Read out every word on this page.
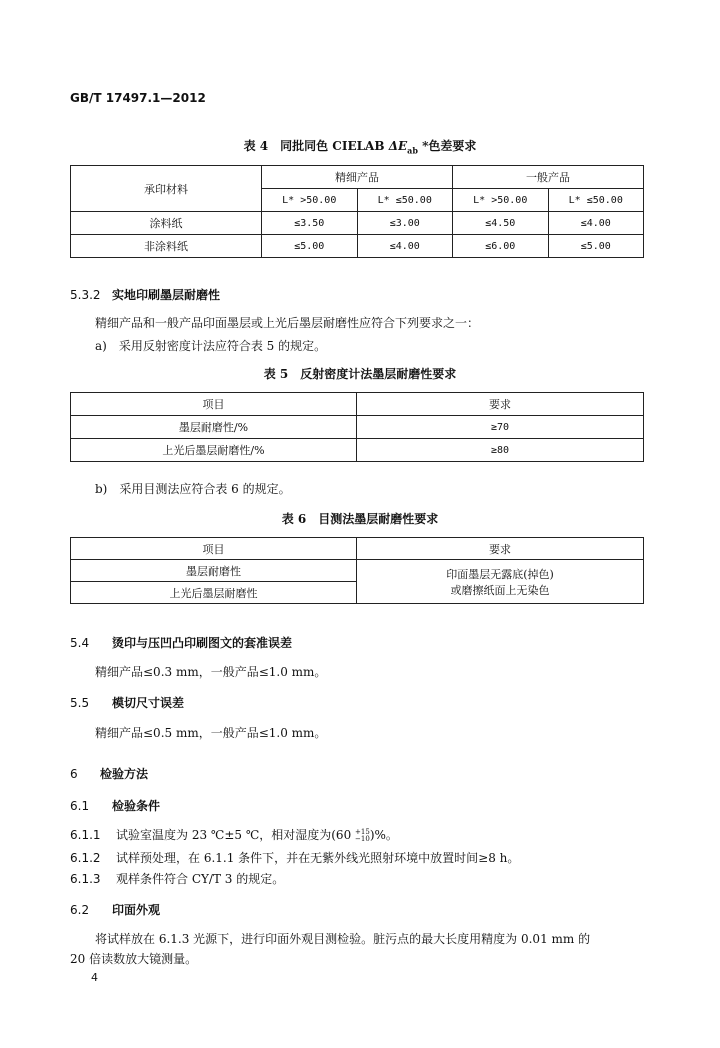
GB/T 17497.1—2012
表 4　同批同色 CIELAB $\Delta E_{ab}$ *色差要求
承印材料	精细产品		一般产品	
	L* >50.00	L* ≤50.00	L* >50.00	L* ≤50.00
涂料纸	≤3.50	≤3.00	≤4.50	≤4.00
非涂料纸	≤5.00	≤4.00	≤6.00	≤5.00
5.3.2 实地印刷墨层耐磨性
精细产品和一般产品印面墨层或上光后墨层耐磨性应符合下列要求之一：
a)　采用反射密度计法应符合表 5 的规定。
表 5　反射密度计法墨层耐磨性要求
项目	要求
墨层耐磨性/%	≥70
上光后墨层耐磨性/%	≥80
b)　采用目测法应符合表 6 的规定。
表 6　目测法墨层耐磨性要求
项目	要求
墨层耐磨性	印面墨层无露底(掉色)
或磨擦纸面上无染色

上光后墨层耐磨性	
5.4 烫印与压凹凸印刷图文的套准误差
精细产品≤0.3 mm，一般产品≤1.0 mm。
5.5 模切尺寸误差
精细产品≤0.5 mm，一般产品≤1.0 mm。
6 检验方法
6.1 检验条件
6.1.1 试验室温度为 23 ℃±5 ℃，相对湿度为(60 +15
−10 )%。
6.1.2 试样预处理，在 6.1.1 条件下，并在无紫外线光照射环境中放置时间≥8 h。
6.1.3 观样条件符合 CY/T 3 的规定。
6.2 印面外观
将试样放在 6.1.3 光源下，进行印面外观目测检验。脏污点的最大长度用精度为 0.01 mm 的
20 倍读数放大镜测量。
4
